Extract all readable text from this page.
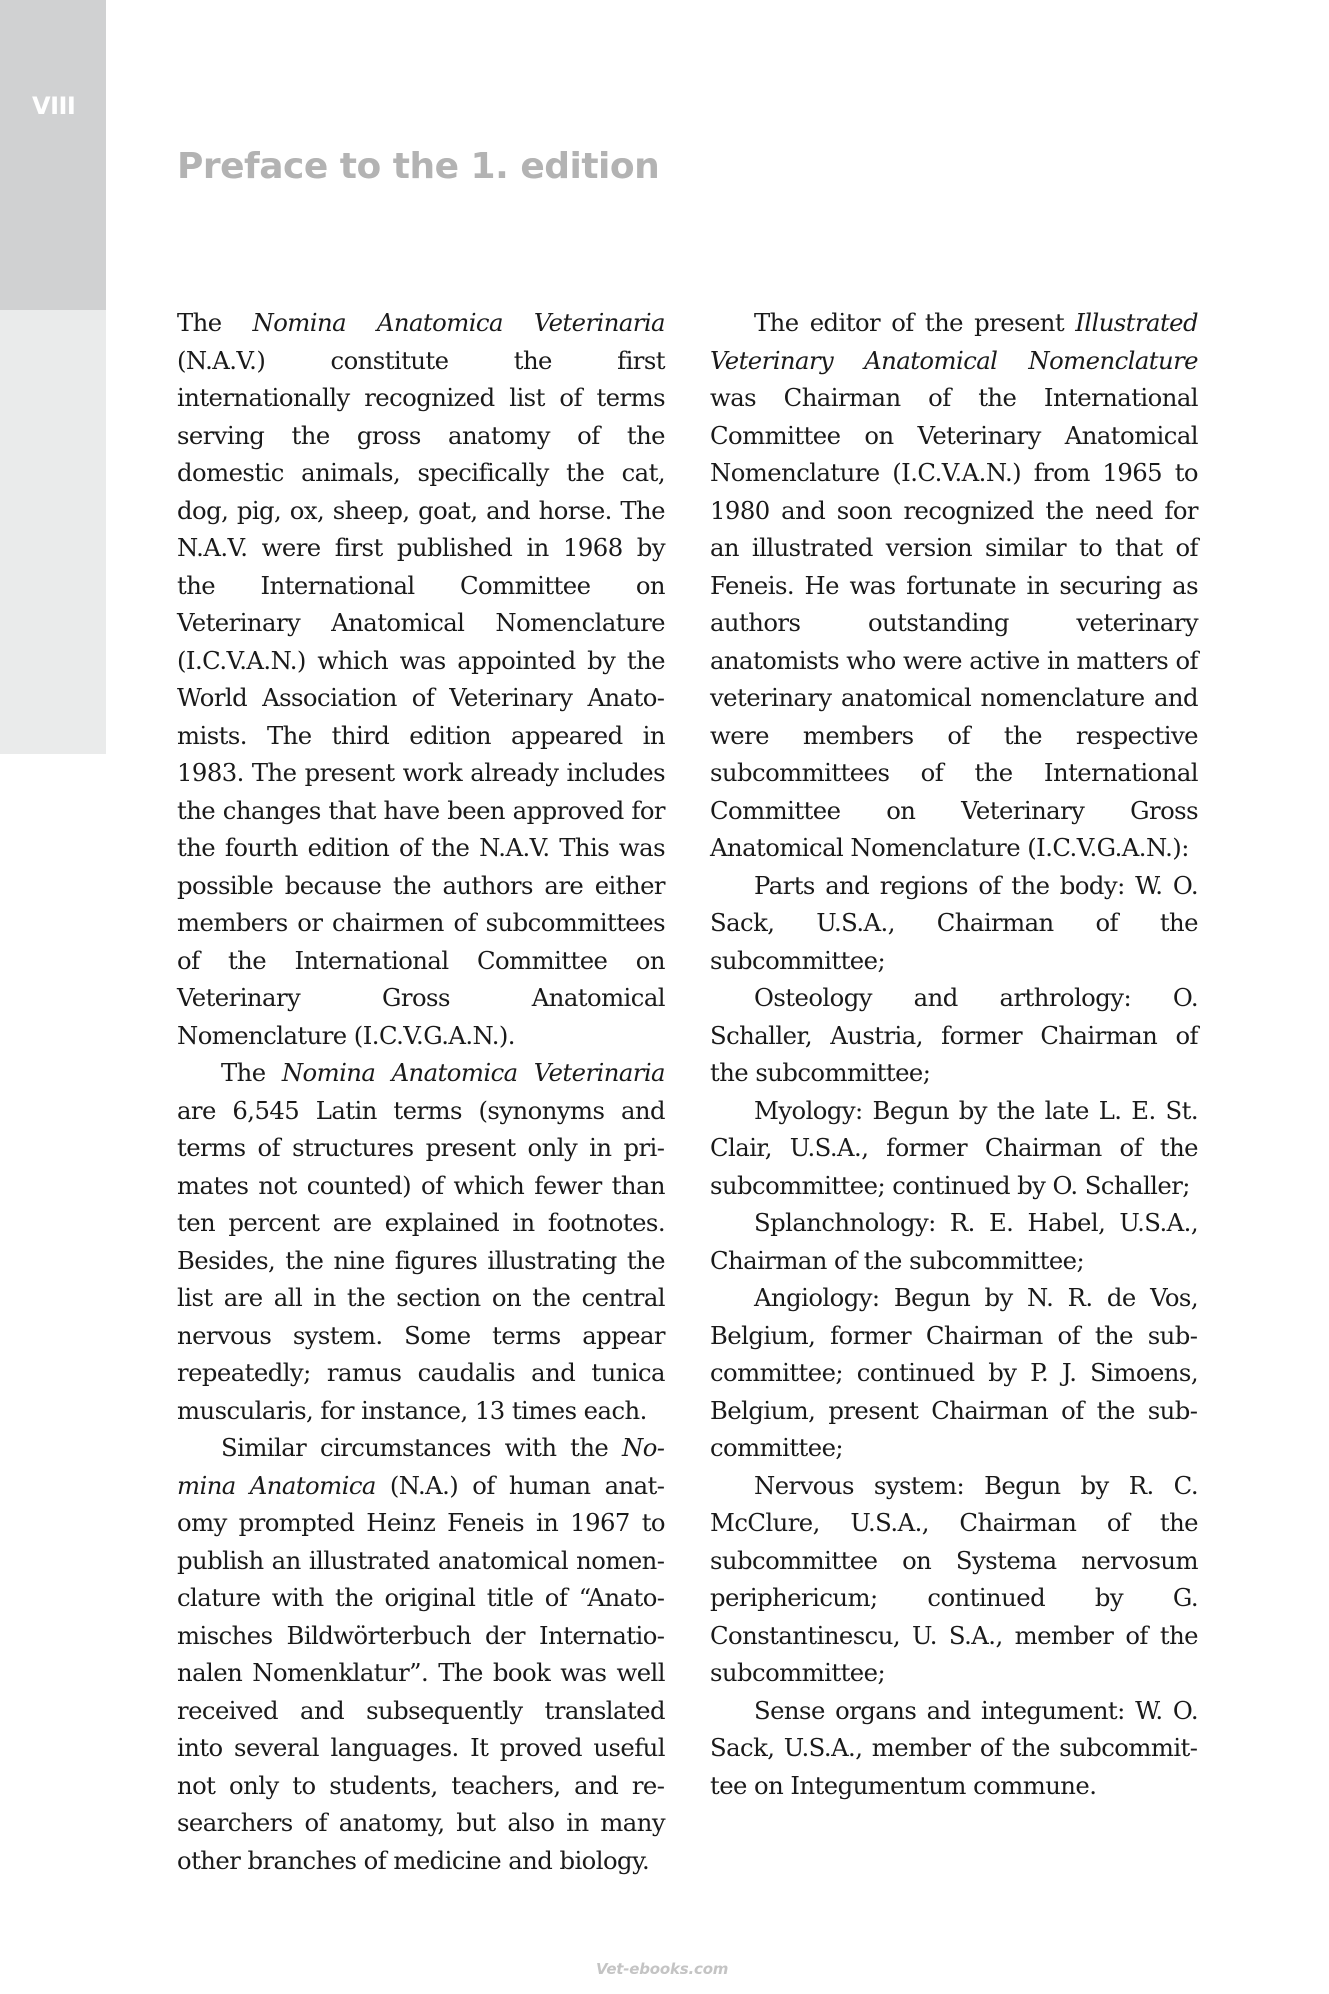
VIII
Preface to the 1. edition

The Nomina Anatomica Veterinaria (N.A.V.) constitute the first internationally recognized list of terms serving the gross anatomy of the domestic animals, specifically the cat, dog, pig, ox, sheep, goat, and horse. The N.A.V. were first published in 1968 by the International Committee on Veterinary Anatomical Nomenclature (I.C.V.A.N.) which was appointed by the World Association of Veterinary Anatomists. The third edition appeared in 1983. The present work already includes the changes that have been approved for the fourth edition of the N.A.V. This was possible because the authors are either members or chairmen of subcommittees of the International Committee on Veterinary Gross Anatomical Nomenclature (I.C.V.G.A.N.).

The Nomina Anatomica Veterinaria are 6,545 Latin terms (synonyms and terms of structures present only in primates not counted) of which fewer than ten percent are explained in footnotes. Besides, the nine figures illustrating the list are all in the section on the central nervous system. Some terms appear repeatedly; ramus caudalis and tunica muscularis, for instance, 13 times each.

Similar circumstances with the Nomina Anatomica (N.A.) of human anatomy prompted Heinz Feneis in 1967 to publish an illustrated anatomical nomenclature with the original title of “Anatomisches Bildwörterbuch der Internationalen Nomenklatur”. The book was well received and subsequently translated into several languages. It proved useful not only to students, teachers, and researchers of anatomy, but also in many other branches of medicine and biology.

The editor of the present Illustrated Veterinary Anatomical Nomenclature was Chairman of the International Committee on Veterinary Anatomical Nomenclature (I.C.V.A.N.) from 1965 to 1980 and soon recognized the need for an illustrated version similar to that of Feneis. He was fortunate in securing as authors outstanding veterinary anatomists who were active in matters of veterinary anatomical nomenclature and were members of the respective subcommittees of the International Committee on Veterinary Gross Anatomical Nomenclature (I.C.V.G.A.N.):

Parts and regions of the body: W. O. Sack, U.S.A., Chairman of the subcommittee;

Osteology and arthrology: O. Schaller, Austria, former Chairman of the subcommittee;

Myology: Begun by the late L. E. St. Clair, U.S.A., former Chairman of the subcommittee; continued by O. Schaller;

Splanchnology: R. E. Habel, U.S.A., Chairman of the subcommittee;

Angiology: Begun by N. R. de Vos, Belgium, former Chairman of the subcommittee; continued by P. J. Simoens, Belgium, present Chairman of the subcommittee;

Nervous system: Begun by R. C. McClure, U.S.A., Chairman of the subcommittee on Systema nervosum periphericum; continued by G. Constantinescu, U. S.A., member of the subcommittee;

Sense organs and integument: W. O. Sack, U.S.A., member of the subcommittee on Integumentum commune.

Vet-ebooks.com
